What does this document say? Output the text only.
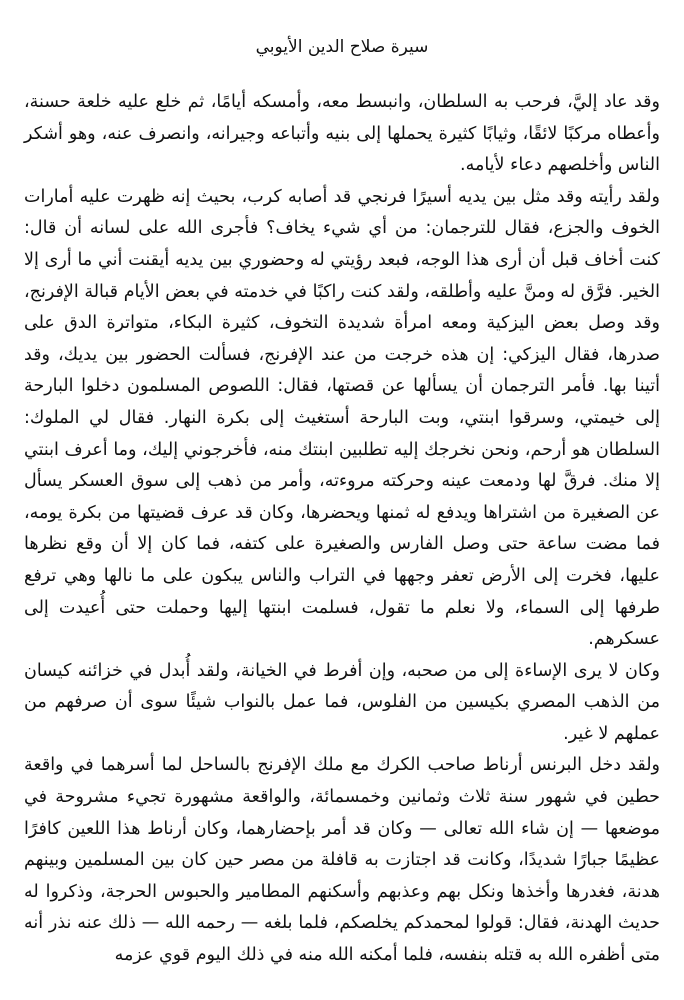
سيرة صلاح الدين الأيوبي

وقد عاد إليَّ، فرحب به السلطان، وانبسط معه، وأمسكه أيامًا، ثم خلع عليه خلعة حسنة، وأعطاه مركبًا لائقًا، وثيابًا كثيرة يحملها إلى بنيه وأتباعه وجيرانه، وانصرف عنه، وهو أشكر الناس وأخلصهم دعاء لأيامه.

ولقد رأيته وقد مثل بين يديه أسيرًا فرنجي قد أصابه كرب، بحيث إنه ظهرت عليه أمارات الخوف والجزع، فقال للترجمان: من أي شيء يخاف؟ فأجرى الله على لسانه أن قال: كنت أخاف قبل أن أرى هذا الوجه، فبعد رؤيتي له وحضوري بين يديه أيقنت أني ما أرى إلا الخير. فرَّق له ومنَّ عليه وأطلقه، ولقد كنت راكبًا في خدمته في بعض الأيام قبالة الإفرنج، وقد وصل بعض اليزكية ومعه امرأة شديدة التخوف، كثيرة البكاء، متواترة الدق على صدرها، فقال اليزكي: إن هذه خرجت من عند الإفرنج، فسألت الحضور بين يديك، وقد أتينا بها. فأمر الترجمان أن يسألها عن قصتها، فقال: اللصوص المسلمون دخلوا البارحة إلى خيمتي، وسرقوا ابنتي، وبت البارحة أستغيث إلى بكرة النهار. فقال لي الملوك: السلطان هو أرحم، ونحن نخرجك إليه تطلبين ابنتك منه، فأخرجوني إليك، وما أعرف ابنتي إلا منك. فرقَّ لها ودمعت عينه وحركته مروءته، وأمر من ذهب إلى سوق العسكر يسأل عن الصغيرة من اشتراها ويدفع له ثمنها ويحضرها، وكان قد عرف قضيتها من بكرة يومه، فما مضت ساعة حتى وصل الفارس والصغيرة على كتفه، فما كان إلا أن وقع نظرها عليها، فخرت إلى الأرض تعفر وجهها في التراب والناس يبكون على ما نالها وهي ترفع طرفها إلى السماء، ولا نعلم ما تقول، فسلمت ابنتها إليها وحملت حتى أُعيدت إلى عسكرهم.

وكان لا يرى الإساءة إلى من صحبه، وإن أفرط في الخيانة، ولقد أُبدل في خزائنه كيسان من الذهب المصري بكيسين من الفلوس، فما عمل بالنواب شيئًا سوى أن صرفهم من عملهم لا غير.

ولقد دخل البرنس أرناط صاحب الكرك مع ملك الإفرنج بالساحل لما أسرهما في واقعة حطين في شهور سنة ثلاث وثمانين وخمسمائة، والواقعة مشهورة تجيء مشروحة في موضعها — إن شاء الله تعالى — وكان قد أمر بإحضارهما، وكان أرناط هذا اللعين كافرًا عظيمًا جبارًا شديدًا، وكانت قد اجتازت به قافلة من مصر حين كان بين المسلمين وبينهم هدنة، فغدرها وأخذها ونكل بهم وعذبهم وأسكنهم المطامير والحبوس الحرجة، وذكروا له حديث الهدنة، فقال: قولوا لمحمدكم يخلصكم، فلما بلغه — رحمه الله — ذلك عنه نذر أنه متى أظفره الله به قتله بنفسه، فلما أمكنه الله منه في ذلك اليوم قوي عزمه
